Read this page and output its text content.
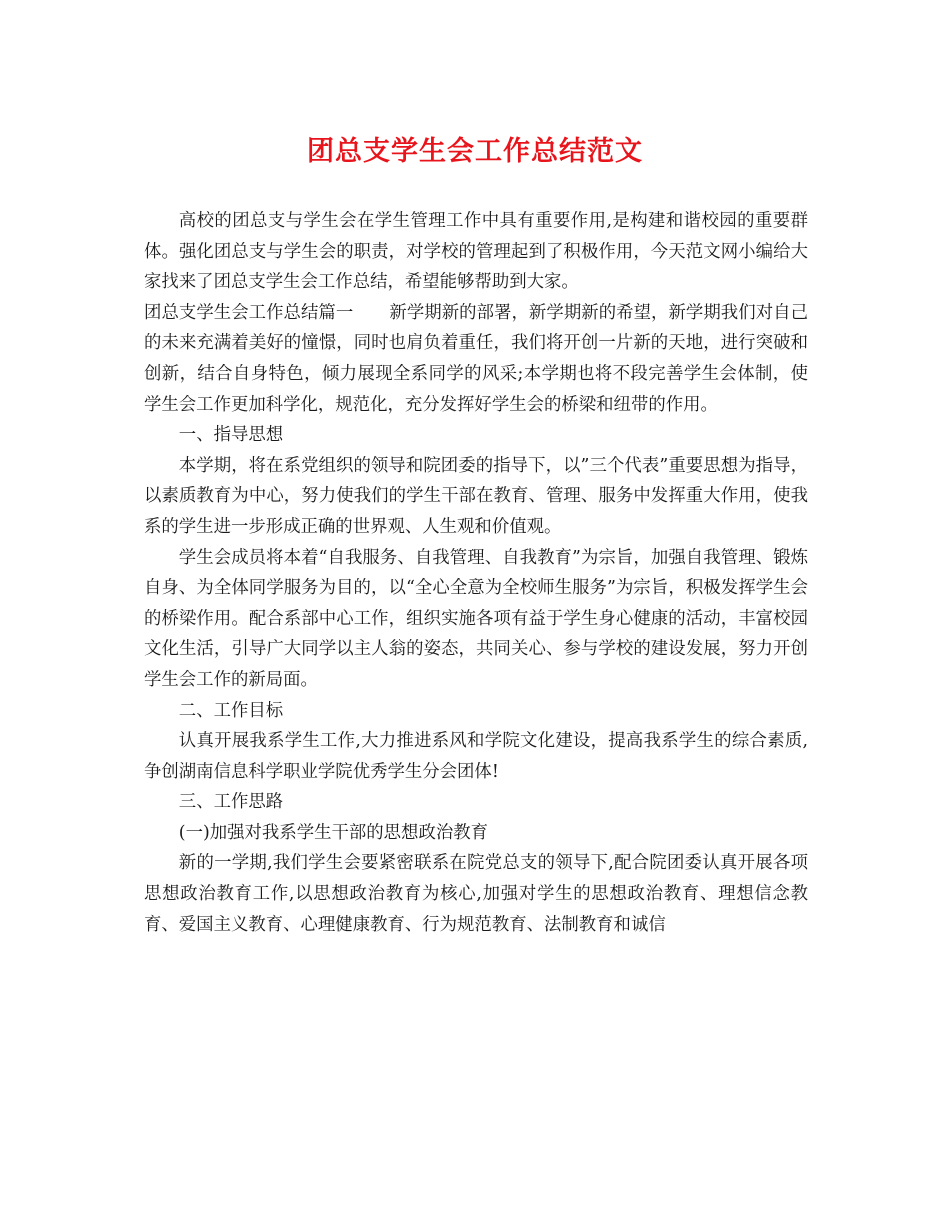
团总支学生会工作总结范文

高校的团总支与学生会在学生管理工作中具有重要作用,是构建和谐校园的重要群体。强化团总支与学生会的职责，对学校的管理起到了积极作用，今天范文网小编给大家找来了团总支学生会工作总结，希望能够帮助到大家。

团总支学生会工作总结篇一 新学期新的部署，新学期新的希望，新学期我们对自己的未来充满着美好的憧憬，同时也肩负着重任，我们将开创一片新的天地，进行突破和创新，结合自身特色，倾力展现全系同学的风采;本学期也将不段完善学生会体制，使学生会工作更加科学化，规范化，充分发挥好学生会的桥梁和纽带的作用。

一、指导思想

本学期，将在系党组织的领导和院团委的指导下，以”三个代表”重要思想为指导，以素质教育为中心，努力使我们的学生干部在教育、管理、服务中发挥重大作用，使我系的学生进一步形成正确的世界观、人生观和价值观。

学生会成员将本着“自我服务、自我管理、自我教育”为宗旨，加强自我管理、锻炼自身、为全体同学服务为目的，以“全心全意为全校师生服务”为宗旨，积极发挥学生会的桥梁作用。配合系部中心工作，组织实施各项有益于学生身心健康的活动，丰富校园文化生活，引导广大同学以主人翁的姿态，共同关心、参与学校的建设发展，努力开创学生会工作的新局面。

二、工作目标

认真开展我系学生工作,大力推进系风和学院文化建设，提高我系学生的综合素质,争创湖南信息科学职业学院优秀学生分会团体!

三、工作思路

(一)加强对我系学生干部的思想政治教育

新的一学期,我们学生会要紧密联系在院党总支的领导下,配合院团委认真开展各项思想政治教育工作,以思想政治教育为核心,加强对学生的思想政治教育、理想信念教育、爱国主义教育、心理健康教育、行为规范教育、法制教育和诚信
